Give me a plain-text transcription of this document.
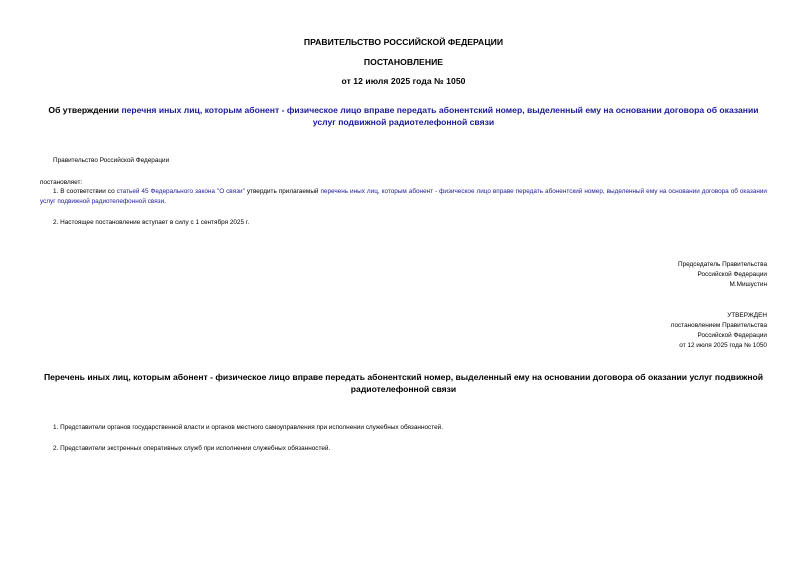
ПРАВИТЕЛЬСТВО РОССИЙСКОЙ ФЕДЕРАЦИИ
ПОСТАНОВЛЕНИЕ
от 12 июля 2025 года № 1050
Об утверждении перечня иных лиц, которым абонент - физическое лицо вправе передать абонентский номер, выделенный ему на основании договора об оказании услуг подвижной радиотелефонной связи
Правительство Российской Федерации
постановляет:
1. В соответствии со статьей 45 Федерального закона "О связи" утвердить прилагаемый перечень иных лиц, которым абонент - физическое лицо вправе передать абонентский номер, выделенный ему на основании договора об оказании услуг подвижной радиотелефонной связи.
2. Настоящее постановление вступает в силу с 1 сентября 2025 г.
Председатель Правительства
Российской Федерации
М.Мишустин
УТВЕРЖДЕН
постановлением Правительства
Российской Федерации
от 12 июля 2025 года № 1050
Перечень иных лиц, которым абонент - физическое лицо вправе передать абонентский номер, выделенный ему на основании договора об оказании услуг подвижной радиотелефонной связи
1. Представители органов государственной власти и органов местного самоуправления при исполнении служебных обязанностей.
2. Представители экстренных оперативных служб при исполнении служебных обязанностей.
